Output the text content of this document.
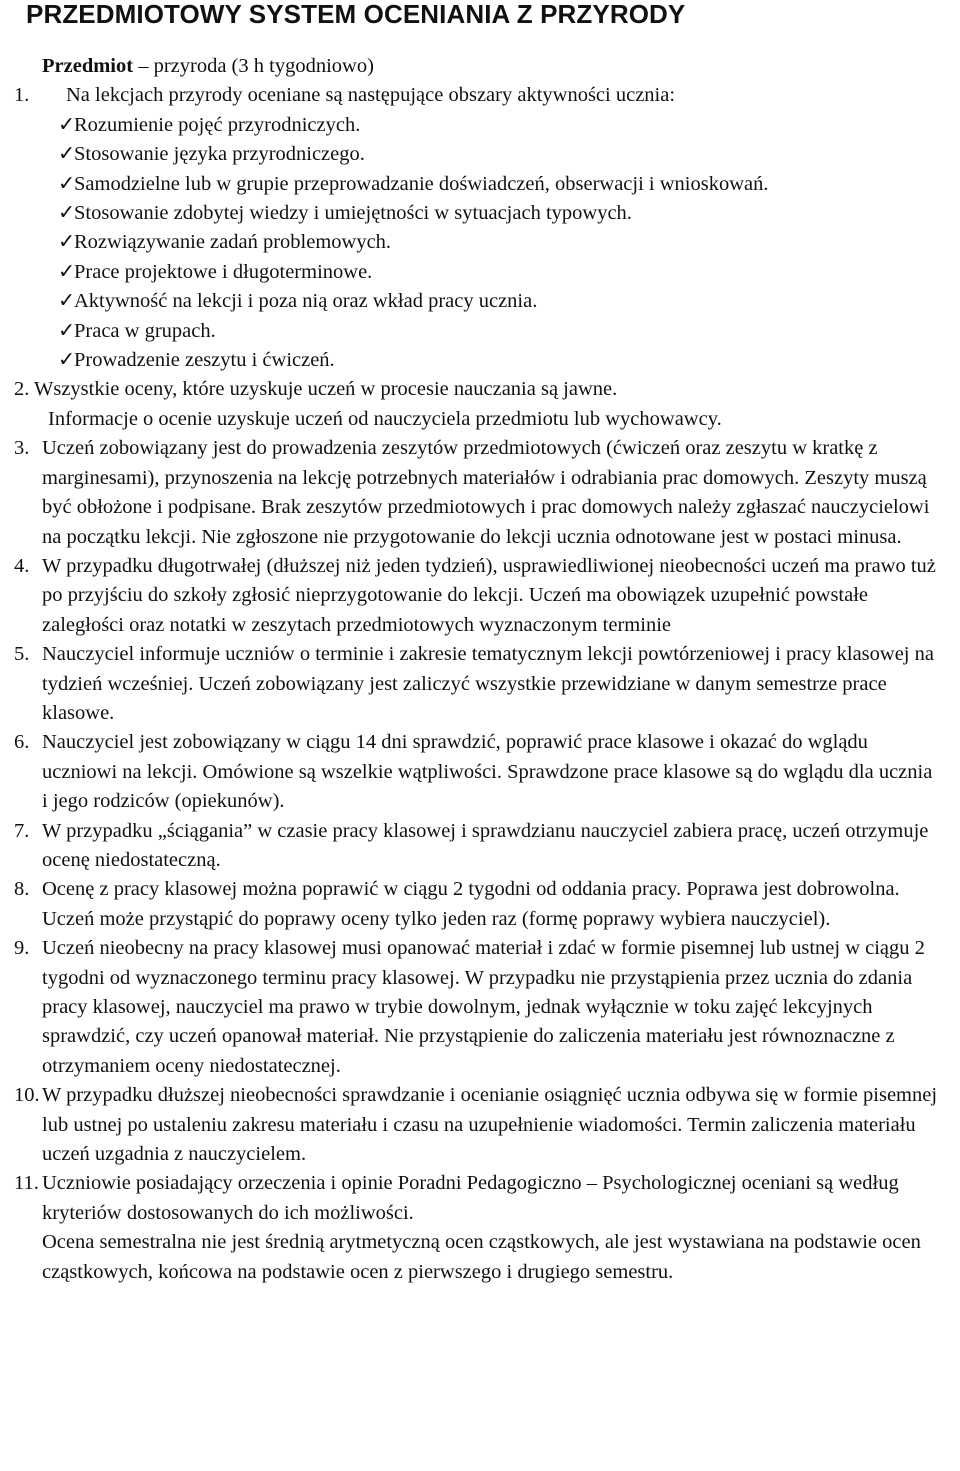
PRZEDMIOTOWY SYSTEM OCENIANIA Z PRZYRODY
Przedmiot – przyroda (3 h tygodniowo)
1. Na lekcjach przyrody oceniane są następujące obszary aktywności ucznia:
✓Rozumienie pojęć przyrodniczych.
✓Stosowanie języka przyrodniczego.
✓Samodzielne lub w grupie przeprowadzanie doświadczeń, obserwacji i wnioskowań.
✓Stosowanie zdobytej wiedzy i umiejętności w sytuacjach typowych.
✓Rozwiązywanie zadań problemowych.
✓Prace projektowe i długoterminowe.
✓Aktywność na lekcji i poza nią oraz wkład pracy ucznia.
✓Praca w grupach.
✓Prowadzenie zeszytu i ćwiczeń.
2. Wszystkie oceny, które uzyskuje uczeń w procesie nauczania są jawne.
Informacje o ocenie uzyskuje uczeń od nauczyciela przedmiotu lub wychowawcy.
3. Uczeń zobowiązany jest do prowadzenia zeszytów przedmiotowych (ćwiczeń oraz zeszytu w kratkę z marginesami), przynoszenia na lekcję potrzebnych materiałów i odrabiania prac domowych. Zeszyty muszą być obłożone i podpisane. Brak zeszytów przedmiotowych i prac domowych należy zgłaszać nauczycielowi na początku lekcji. Nie zgłoszone nie przygotowanie do lekcji ucznia odnotowane jest w postaci minusa.
4. W przypadku długotrwałej (dłuższej niż jeden tydzień), usprawiedliwionej nieobecności uczeń ma prawo tuż po przyjściu do szkoły zgłosić nieprzygotowanie do lekcji. Uczeń ma obowiązek uzupełnić powstałe zaległości oraz notatki w zeszytach przedmiotowych wyznaczonym terminie
5. Nauczyciel informuje uczniów o terminie i zakresie tematycznym lekcji powtórzeniowej i pracy klasowej na tydzień wcześniej. Uczeń zobowiązany jest zaliczyć wszystkie przewidziane w danym semestrze prace klasowe.
6. Nauczyciel jest zobowiązany w ciągu 14 dni sprawdzić, poprawić prace klasowe i okazać do wglądu uczniowi na lekcji. Omówione są wszelkie wątpliwości. Sprawdzone prace klasowe są do wglądu dla ucznia i jego rodziców (opiekunów).
7. W przypadku „ściągania” w czasie pracy klasowej i sprawdzianu nauczyciel zabiera pracę, uczeń otrzymuje ocenę niedostateczną.
8. Ocenę z pracy klasowej można poprawić w ciągu 2 tygodni od oddania pracy. Poprawa jest dobrowolna. Uczeń może przystąpić do poprawy oceny tylko jeden raz (formę poprawy wybiera nauczyciel).
9. Uczeń nieobecny na pracy klasowej musi opanować materiał i zdać w formie pisemnej lub ustnej w ciągu 2 tygodni od wyznaczonego terminu pracy klasowej. W przypadku nie przystąpienia przez ucznia do zdania pracy klasowej, nauczyciel ma prawo w trybie dowolnym, jednak wyłącznie w toku zajęć lekcyjnych sprawdzić, czy uczeń opanował materiał. Nie przystąpienie do zaliczenia materiału jest równoznaczne z otrzymaniem oceny niedostatecznej.
10. W przypadku dłuższej nieobecności sprawdzanie i ocenianie osiągnięć ucznia odbywa się w formie pisemnej lub ustnej po ustaleniu zakresu materiału i czasu na uzupełnienie wiadomości. Termin zaliczenia materiału uczeń uzgadnia z nauczycielem.
11. Uczniowie posiadający orzeczenia i opinie Poradni Pedagogiczno – Psychologicznej oceniani są według kryteriów dostosowanych do ich możliwości.
Ocena semestralna nie jest średnią arytmetyczną ocen cząstkowych, ale jest wystawiana na podstawie ocen cząstkowych, końcowa na podstawie ocen z pierwszego i drugiego semestru.
